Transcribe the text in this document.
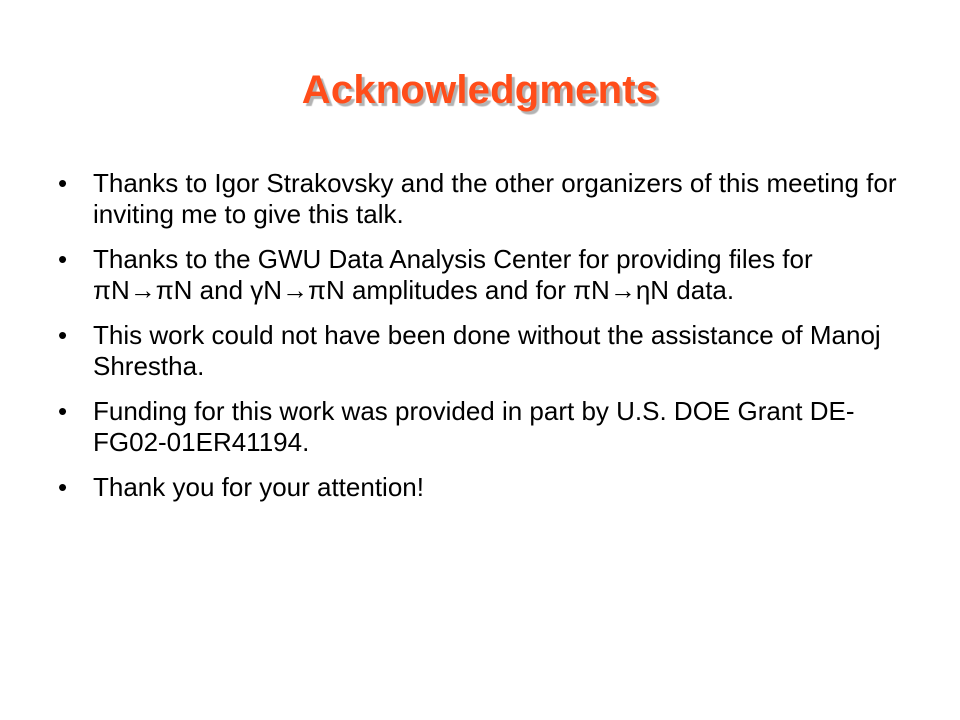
Acknowledgments
• Thanks to Igor Strakovsky and the other organizers of this meeting for inviting me to give this talk.
• Thanks to the GWU Data Analysis Center for providing files for πN→πN and γN→πN amplitudes and for πN→ηN data.
• This work could not have been done without the assistance of Manoj Shrestha.
• Funding for this work was provided in part by U.S. DOE Grant DE-FG02-01ER41194.
• Thank you for your attention!
